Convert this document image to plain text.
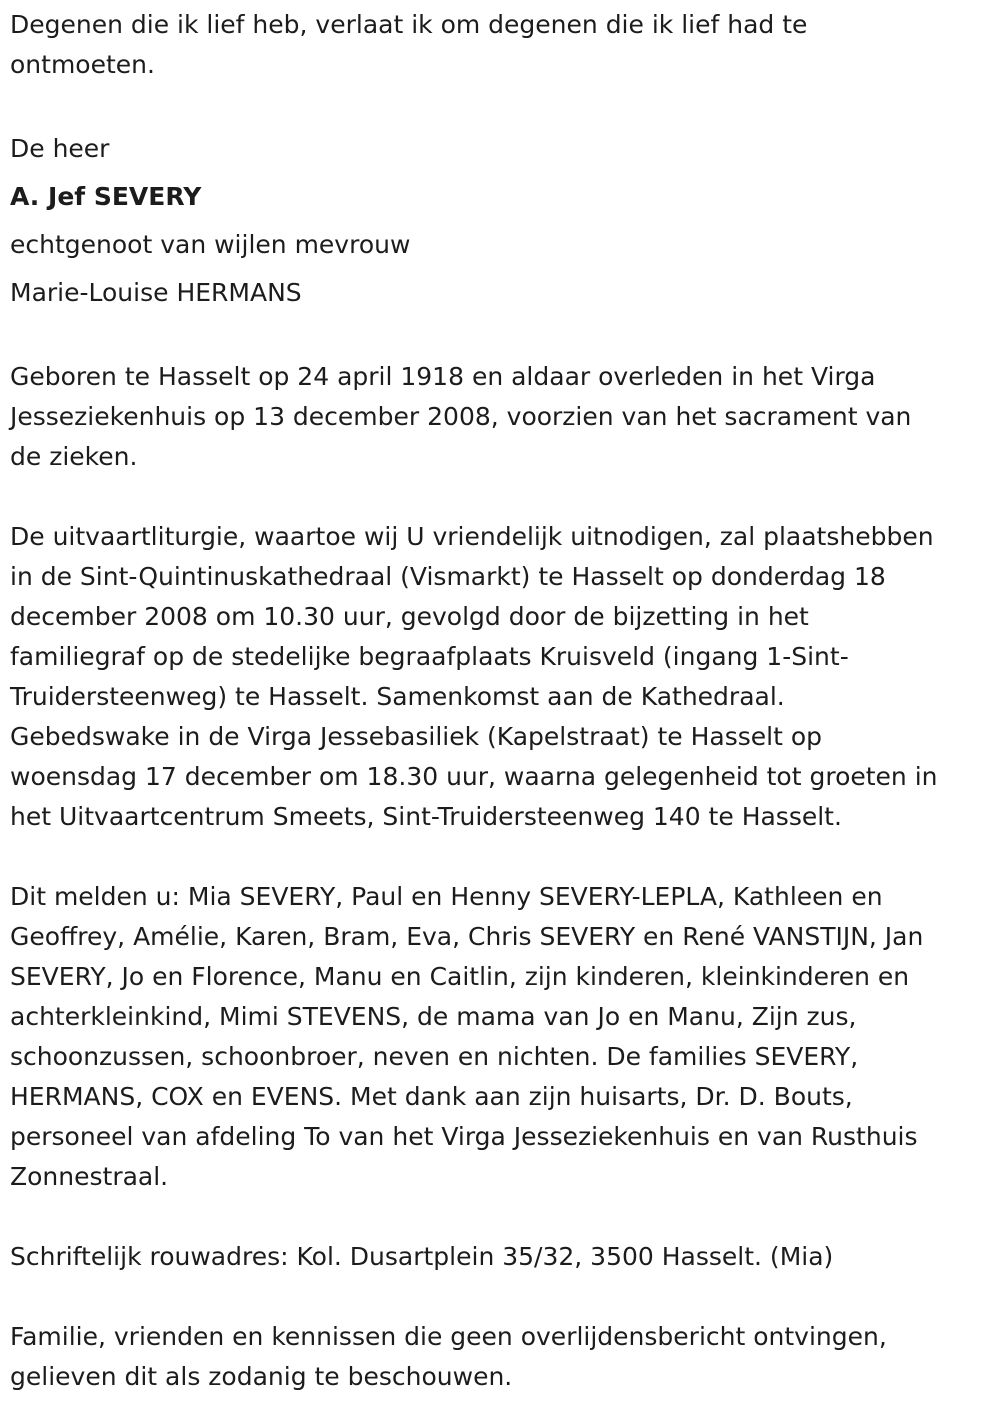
Degenen die ik lief heb, verlaat ik om degenen die ik lief had te
ontmoeten.

De heer
A. Jef SEVERY
echtgenoot van wijlen mevrouw
Marie-Louise HERMANS

Geboren te Hasselt op 24 april 1918 en aldaar overleden in het Virga
Jesseziekenhuis op 13 december 2008, voorzien van het sacrament van
de zieken.

De uitvaartliturgie, waartoe wij U vriendelijk uitnodigen, zal plaatshebben
in de Sint-Quintinuskathedraal (Vismarkt) te Hasselt op donderdag 18
december 2008 om 10.30 uur, gevolgd door de bijzetting in het
familiegraf op de stedelijke begraafplaats Kruisveld (ingang 1-Sint-
Truidersteenweg) te Hasselt. Samenkomst aan de Kathedraal.
Gebedswake in de Virga Jessebasiliek (Kapelstraat) te Hasselt op
woensdag 17 december om 18.30 uur, waarna gelegenheid tot groeten in
het Uitvaartcentrum Smeets, Sint-Truidersteenweg 140 te Hasselt.

Dit melden u: Mia SEVERY, Paul en Henny SEVERY-LEPLA, Kathleen en
Geoffrey, Amélie, Karen, Bram, Eva, Chris SEVERY en René VANSTIJN, Jan
SEVERY, Jo en Florence, Manu en Caitlin, zijn kinderen, kleinkinderen en
achterkleinkind, Mimi STEVENS, de mama van Jo en Manu, Zijn zus,
schoonzussen, schoonbroer, neven en nichten. De families SEVERY,
HERMANS, COX en EVENS. Met dank aan zijn huisarts, Dr. D. Bouts,
personeel van afdeling To van het Virga Jesseziekenhuis en van Rusthuis
Zonnestraal.

Schriftelijk rouwadres: Kol. Dusartplein 35/32, 3500 Hasselt. (Mia)

Familie, vrienden en kennissen die geen overlijdensbericht ontvingen,
gelieven dit als zodanig te beschouwen.
